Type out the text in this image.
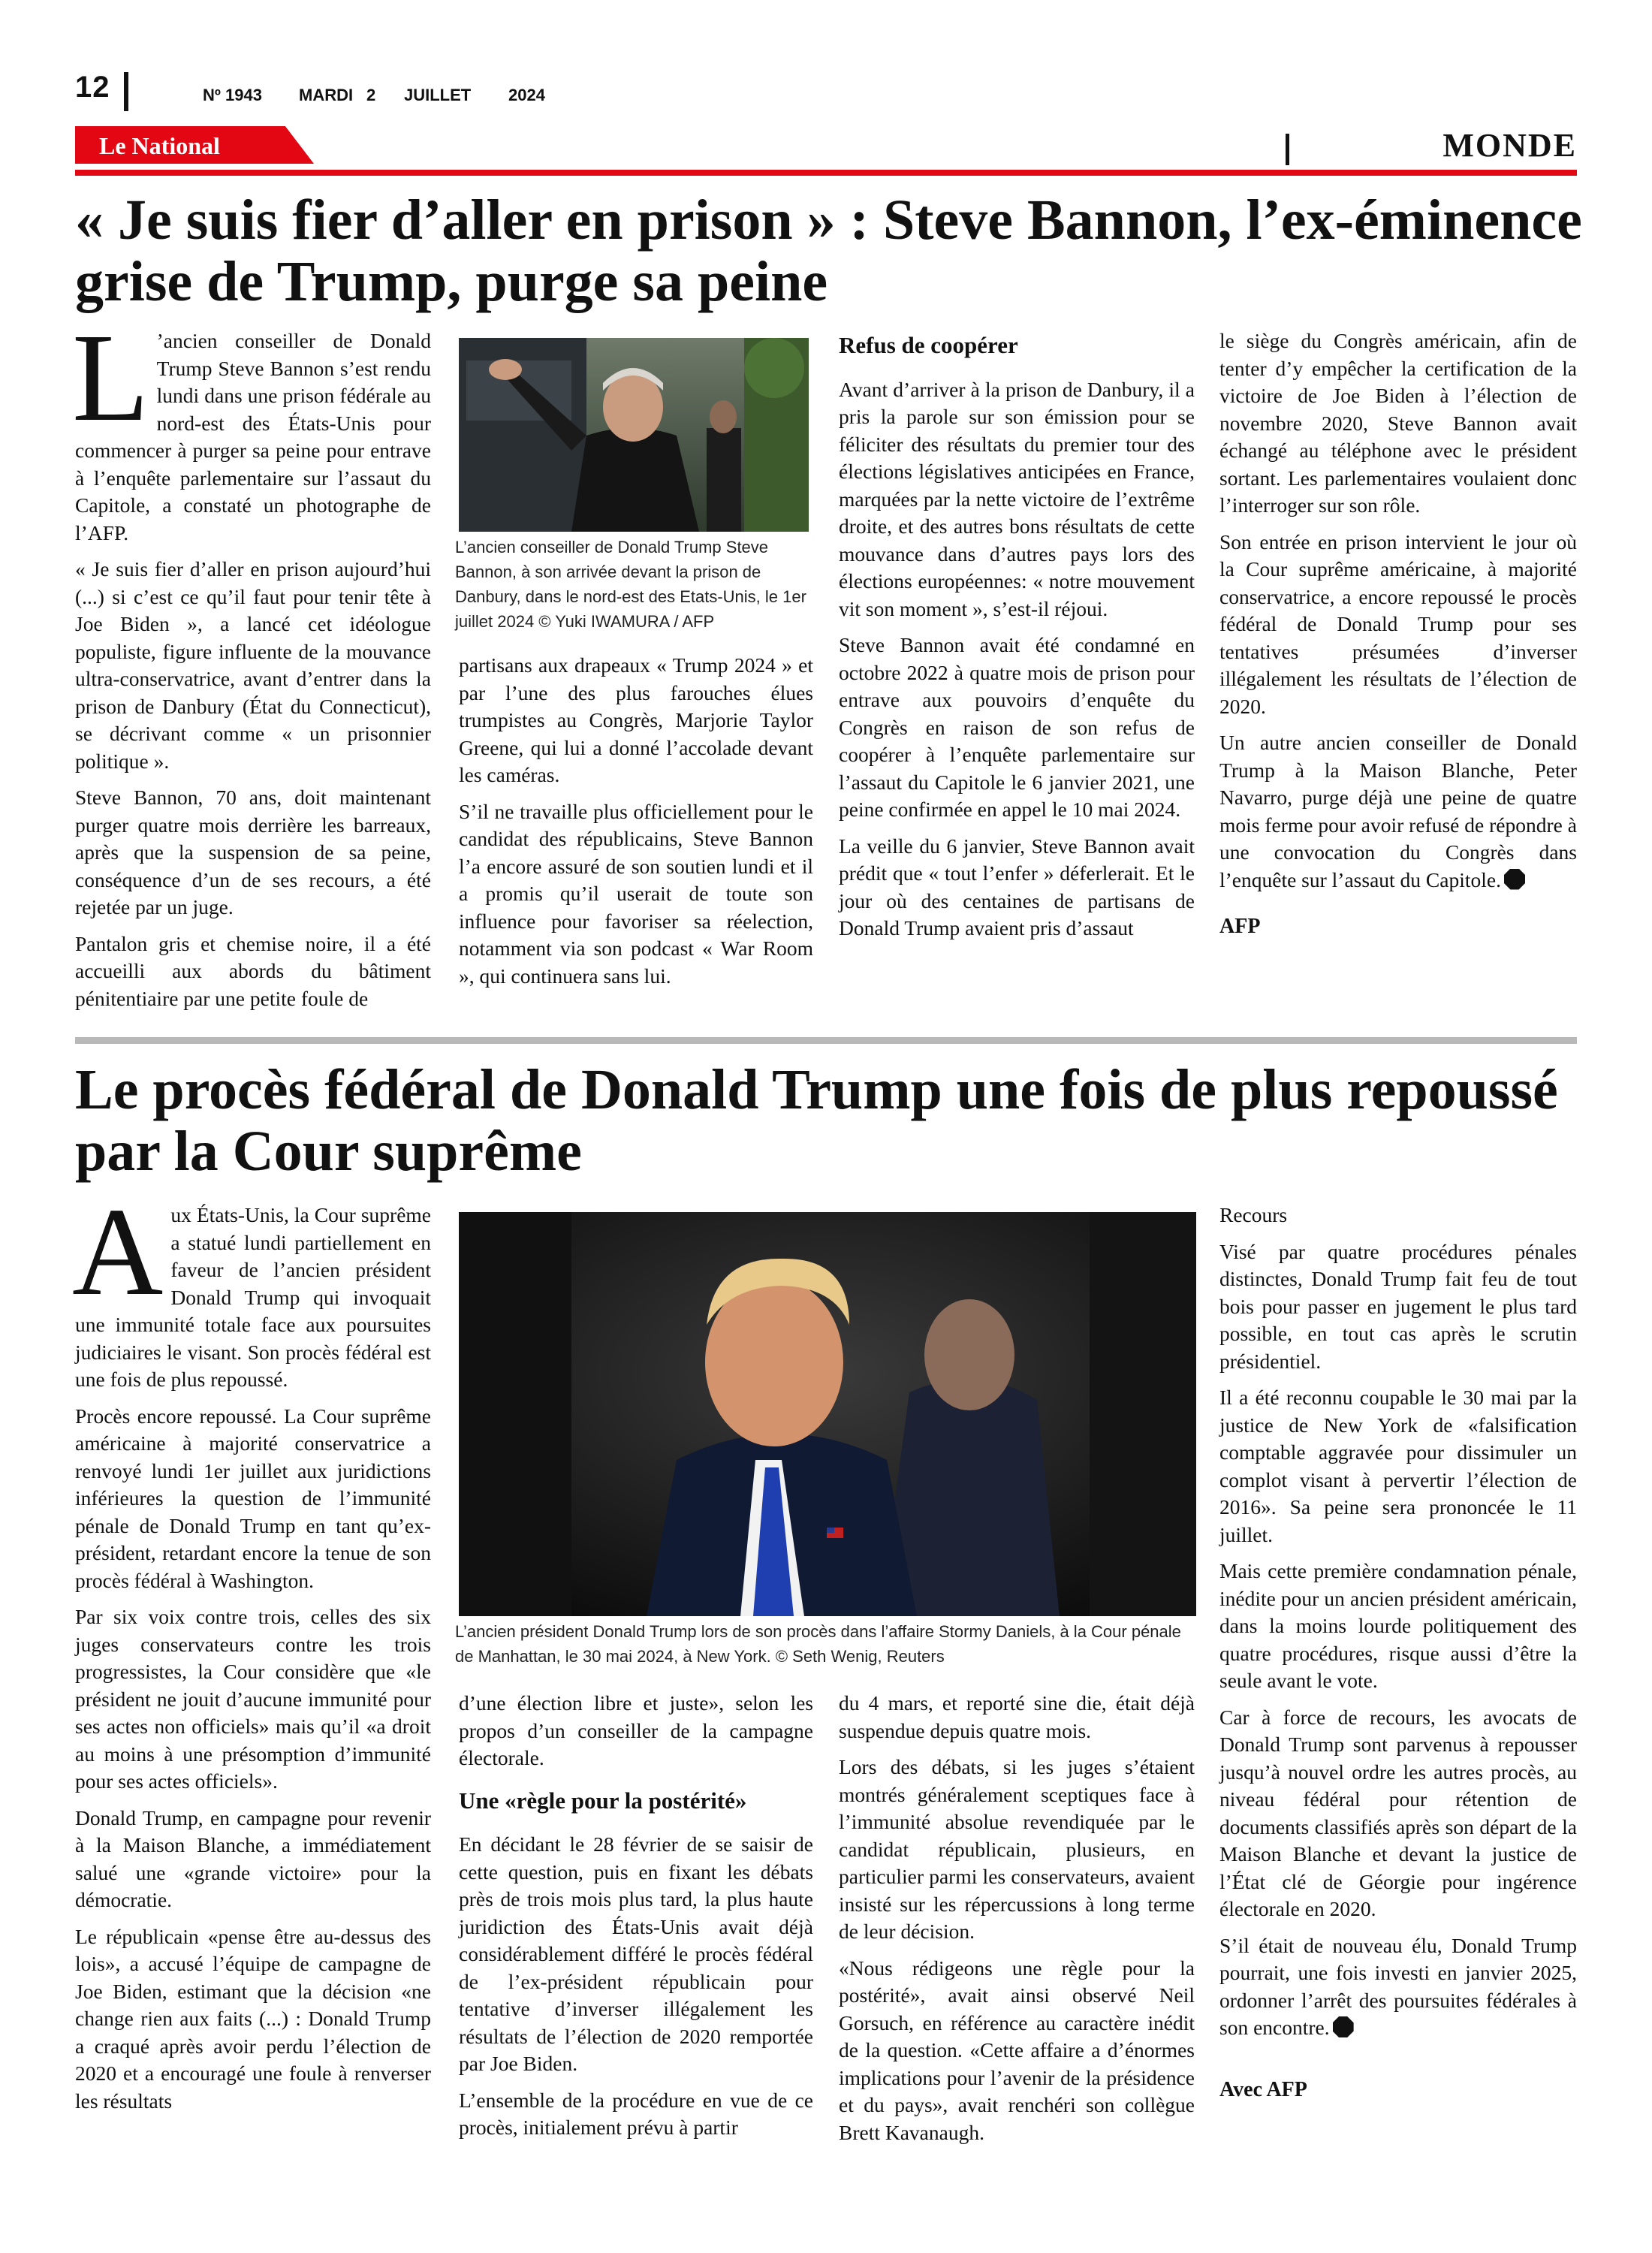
12	Nº 1943 MARDI 2 JUILLET 2024
Le National	MONDE
« Je suis fier d’aller en prison » : Steve Bannon, l’ex-éminence grise de Trump, purge sa peine

L ’ancien conseiller de Donald Trump Steve Bannon s’est rendu lundi dans une prison fédérale au nord-est des États-Unis pour commencer à purger sa peine pour entrave à l’enquête parlementaire sur l’assaut du Capitole, a constaté un photographe de l’AFP.

« Je suis fier d’aller en prison aujourd’hui (...) si c’est ce qu’il faut pour tenir tête à Joe Biden », a lancé cet idéologue populiste, figure influente de la mouvance ultra-conservatrice, avant d’entrer dans la prison de Danbury (État du Connecticut), se décrivant comme « un prisonnier politique ».

Steve Bannon, 70 ans, doit maintenant purger quatre mois derrière les barreaux, après que la suspension de sa peine, conséquence d’un de ses recours, a été rejetée par un juge.

Pantalon gris et chemise noire, il a été accueilli aux abords du bâtiment pénitentiaire par une petite foule de

L’ancien conseiller de Donald Trump Steve Bannon, à son arrivée devant la prison de Danbury, dans le nord-est des Etats-Unis, le 1er juillet 2024 © Yuki IWAMURA / AFP

partisans aux drapeaux « Trump 2024 » et par l’une des plus farouches élues trumpistes au Congrès, Marjorie Taylor Greene, qui lui a donné l’accolade devant les caméras.

S’il ne travaille plus officiellement pour le candidat des républicains, Steve Bannon l’a encore assuré de son soutien lundi et il a promis qu’il userait de toute son influence pour favoriser sa réelection, notamment via son podcast « War Room », qui continuera sans lui.

Refus de coopérer

Avant d’arriver à la prison de Danbury, il a pris la parole sur son émission pour se féliciter des résultats du premier tour des élections législatives anticipées en France, marquées par la nette victoire de l’extrême droite, et des autres bons résultats de cette mouvance dans d’autres pays lors des élections européennes: « notre mouvement vit son moment », s’est-il réjoui.

Steve Bannon avait été condamné en octobre 2022 à quatre mois de prison pour entrave aux pouvoirs d’enquête du Congrès en raison de son refus de coopérer à l’enquête parlementaire sur l’assaut du Capitole le 6 janvier 2021, une peine confirmée en appel le 10 mai 2024.

La veille du 6 janvier, Steve Bannon avait prédit que « tout l’enfer » déferlerait. Et le jour où des centaines de partisans de Donald Trump avaient pris d’assaut

le siège du Congrès américain, afin de tenter d’y empêcher la certification de la victoire de Joe Biden à l’élection de novembre 2020, Steve Bannon avait échangé au téléphone avec le président sortant. Les parlementaires voulaient donc l’interroger sur son rôle.

Son entrée en prison intervient le jour où la Cour suprême américaine, à majorité conservatrice, a encore repoussé le procès fédéral de Donald Trump pour ses tentatives présumées d’inverser illégalement les résultats de l’élection de 2020.

Un autre ancien conseiller de Donald Trump à la Maison Blanche, Peter Navarro, purge déjà une peine de quatre mois ferme pour avoir refusé de répondre à une convocation du Congrès dans l’enquête sur l’assaut du Capitole.

AFP

Le procès fédéral de Donald Trump une fois de plus repoussé par la Cour suprême

Aux États-Unis, la Cour suprême a statué lundi partiellement en faveur de l’ancien président Donald Trump qui invoquait une immunité totale face aux poursuites judiciaires le visant. Son procès fédéral est une fois de plus repoussé.

Procès encore repoussé. La Cour suprême américaine à majorité conservatrice a renvoyé lundi 1er juillet aux juridictions inférieures la question de l’immunité pénale de Donald Trump en tant qu’ex-président, retardant encore la tenue de son procès fédéral à Washington.

Par six voix contre trois, celles des six juges conservateurs contre les trois progressistes, la Cour considère que «le président ne jouit d’aucune immunité pour ses actes non officiels» mais qu’il «a droit au moins à une présomption d’immunité pour ses actes officiels».

Donald Trump, en campagne pour revenir à la Maison Blanche, a immédiatement salué une «grande victoire» pour la démocratie.

Le républicain «pense être au-dessus des lois», a accusé l’équipe de campagne de Joe Biden, estimant que la décision «ne change rien aux faits (...) : Donald Trump a craqué après avoir perdu l’élection de 2020 et a encouragé une foule à renverser les résultats

L’ancien président Donald Trump lors de son procès dans l’affaire Stormy Daniels, à la Cour pénale de Manhattan, le 30 mai 2024, à New York. © Seth Wenig, Reuters

d’une élection libre et juste», selon les propos d’un conseiller de la campagne électorale.

Une «règle pour la postérité»

En décidant le 28 février de se saisir de cette question, puis en fixant les débats près de trois mois plus tard, la plus haute juridiction des États-Unis avait déjà considérablement différé le procès fédéral de l’ex-président républicain pour tentative d’inverser illégalement les résultats de l’élection de 2020 remportée par Joe Biden.

L’ensemble de la procédure en vue de ce procès, initialement prévu à partir

du 4 mars, et reporté sine die, était déjà suspendue depuis quatre mois.

Lors des débats, si les juges s’étaient montrés généralement sceptiques face à l’immunité absolue revendiquée par le candidat républicain, plusieurs, en particulier parmi les conservateurs, avaient insisté sur les répercussions à long terme de leur décision.

«Nous rédigeons une règle pour la postérité», avait ainsi observé Neil Gorsuch, en référence au caractère inédit de la question. «Cette affaire a d’énormes implications pour l’avenir de la présidence et du pays», avait renchéri son collègue Brett Kavanaugh.

Recours

Visé par quatre procédures pénales distinctes, Donald Trump fait feu de tout bois pour passer en jugement le plus tard possible, en tout cas après le scrutin présidentiel.

Il a été reconnu coupable le 30 mai par la justice de New York de «falsification comptable aggravée pour dissimuler un complot visant à pervertir l’élection de 2016». Sa peine sera prononcée le 11 juillet.

Mais cette première condamnation pénale, inédite pour un ancien président américain, dans la moins lourde politiquement des quatre procédures, risque aussi d’être la seule avant le vote.

Car à force de recours, les avocats de Donald Trump sont parvenus à repousser jusqu’à nouvel ordre les autres procès, au niveau fédéral pour rétention de documents classifiés après son départ de la Maison Blanche et devant la justice de l’État clé de Géorgie pour ingérence électorale en 2020.

S’il était de nouveau élu, Donald Trump pourrait, une fois investi en janvier 2025, ordonner l’arrêt des poursuites fédérales à son encontre.

Avec AFP
